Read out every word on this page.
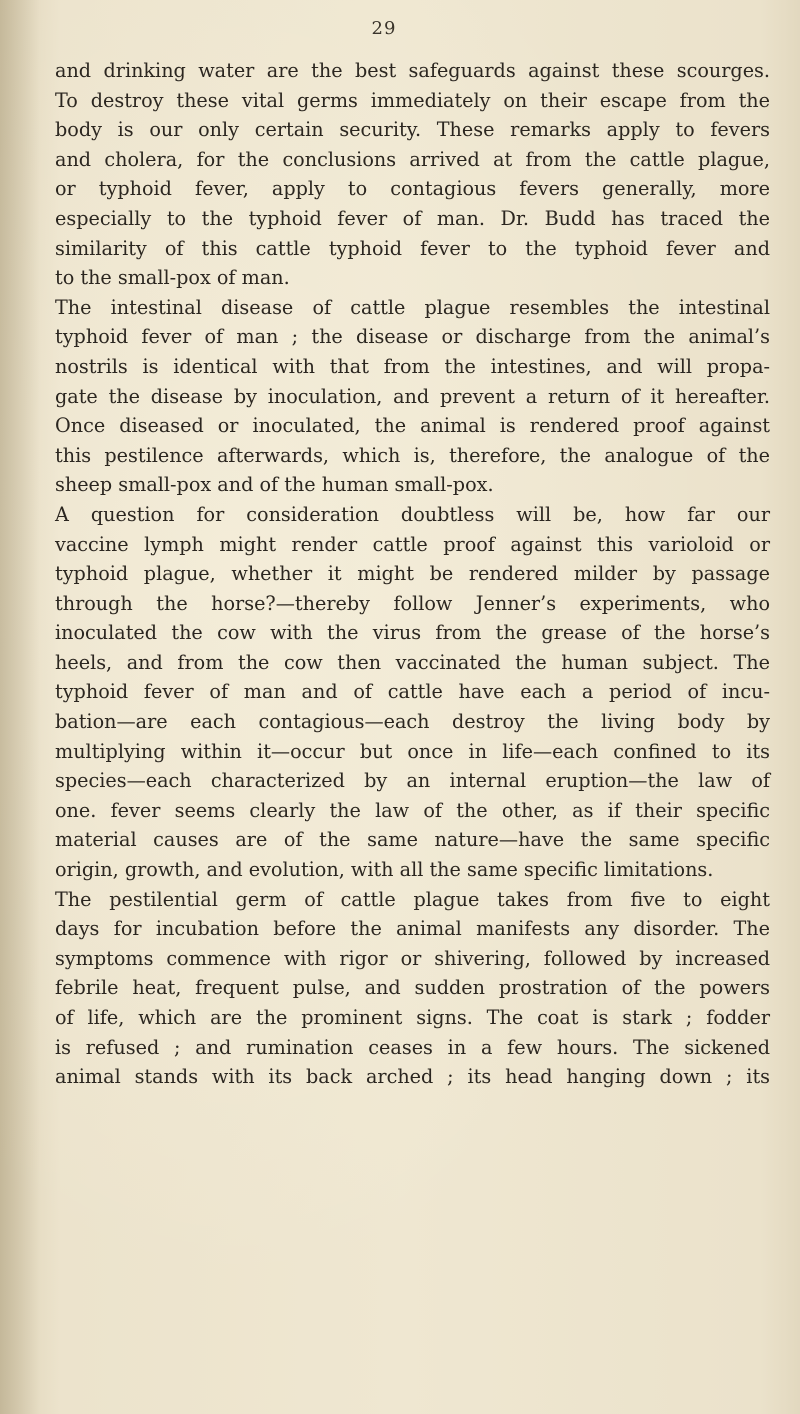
29
and drinking water are the best safeguards against these scourges.
To destroy these vital germs immediately on their escape from the
body is our only certain security. These remarks apply to fevers
and cholera, for the conclusions arrived at from the cattle plague,
or typhoid fever, apply to contagious fevers generally, more
especially to the typhoid fever of man. Dr. Budd has traced the
similarity of this cattle typhoid fever to the typhoid fever and
to the small-pox of man.
The intestinal disease of cattle plague resembles the intestinal
typhoid fever of man ; the disease or discharge from the animal’s
nostrils is identical with that from the intestines, and will propa-
gate the disease by inoculation, and prevent a return of it hereafter.
Once diseased or inoculated, the animal is rendered proof against
this pestilence afterwards, which is, therefore, the analogue of the
sheep small-pox and of the human small-pox.
A question for consideration doubtless will be, how far our
vaccine lymph might render cattle proof against this varioloid or
typhoid plague, whether it might be rendered milder by passage
through the horse?—thereby follow Jenner’s experiments, who
inoculated the cow with the virus from the grease of the horse’s
heels, and from the cow then vaccinated the human subject. The
typhoid fever of man and of cattle have each a period of incu-
bation—are each contagious—each destroy the living body by
multiplying within it—occur but once in life—each confined to its
species—each characterized by an internal eruption—the law of
one. fever seems clearly the law of the other, as if their specific
material causes are of the same nature—have the same specific
origin, growth, and evolution, with all the same specific limitations.
The pestilential germ of cattle plague takes from five to eight
days for incubation before the animal manifests any disorder. The
symptoms commence with rigor or shivering, followed by increased
febrile heat, frequent pulse, and sudden prostration of the powers
of life, which are the prominent signs. The coat is stark ; fodder
is refused ; and rumination ceases in a few hours. The sickened
animal stands with its back arched ; its head hanging down ; its
